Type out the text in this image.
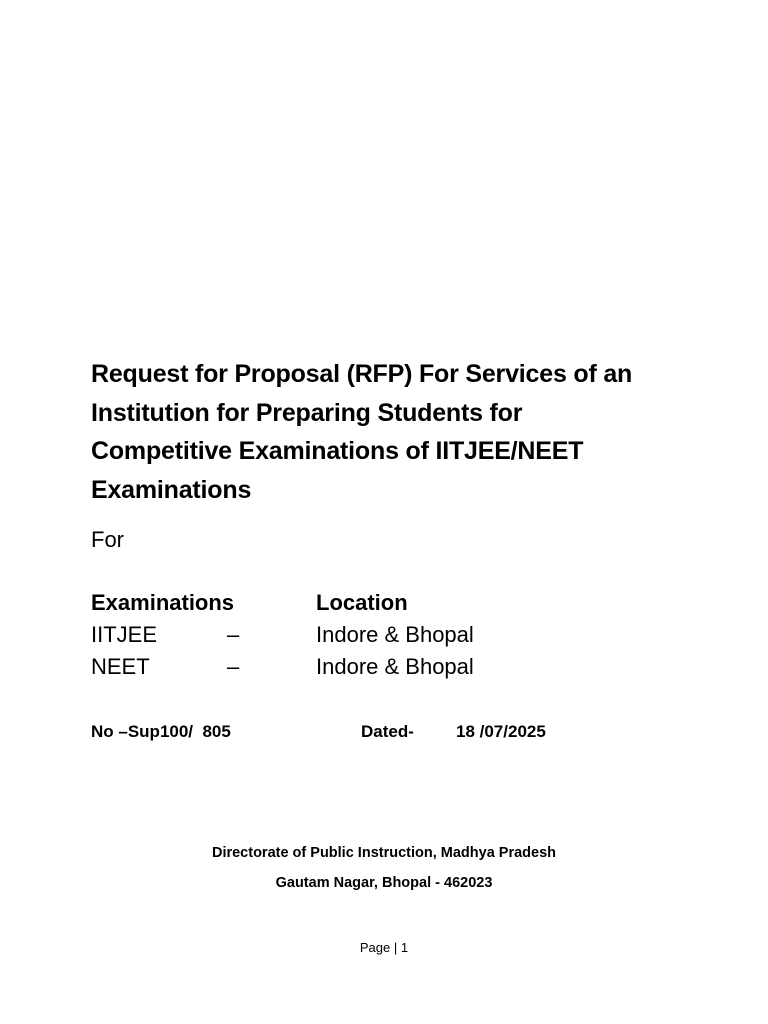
Request for Proposal (RFP) For Services of an
Institution for Preparing Students for
Competitive Examinations of IITJEE/NEET
Examinations
For
Examinations	Location
IITJEE	–	Indore & Bhopal
NEET	–	Indore & Bhopal
No –Sup100/  805	Dated- 18 /07/2025
Directorate of Public Instruction, Madhya Pradesh
Gautam Nagar, Bhopal - 462023
Page | 1
